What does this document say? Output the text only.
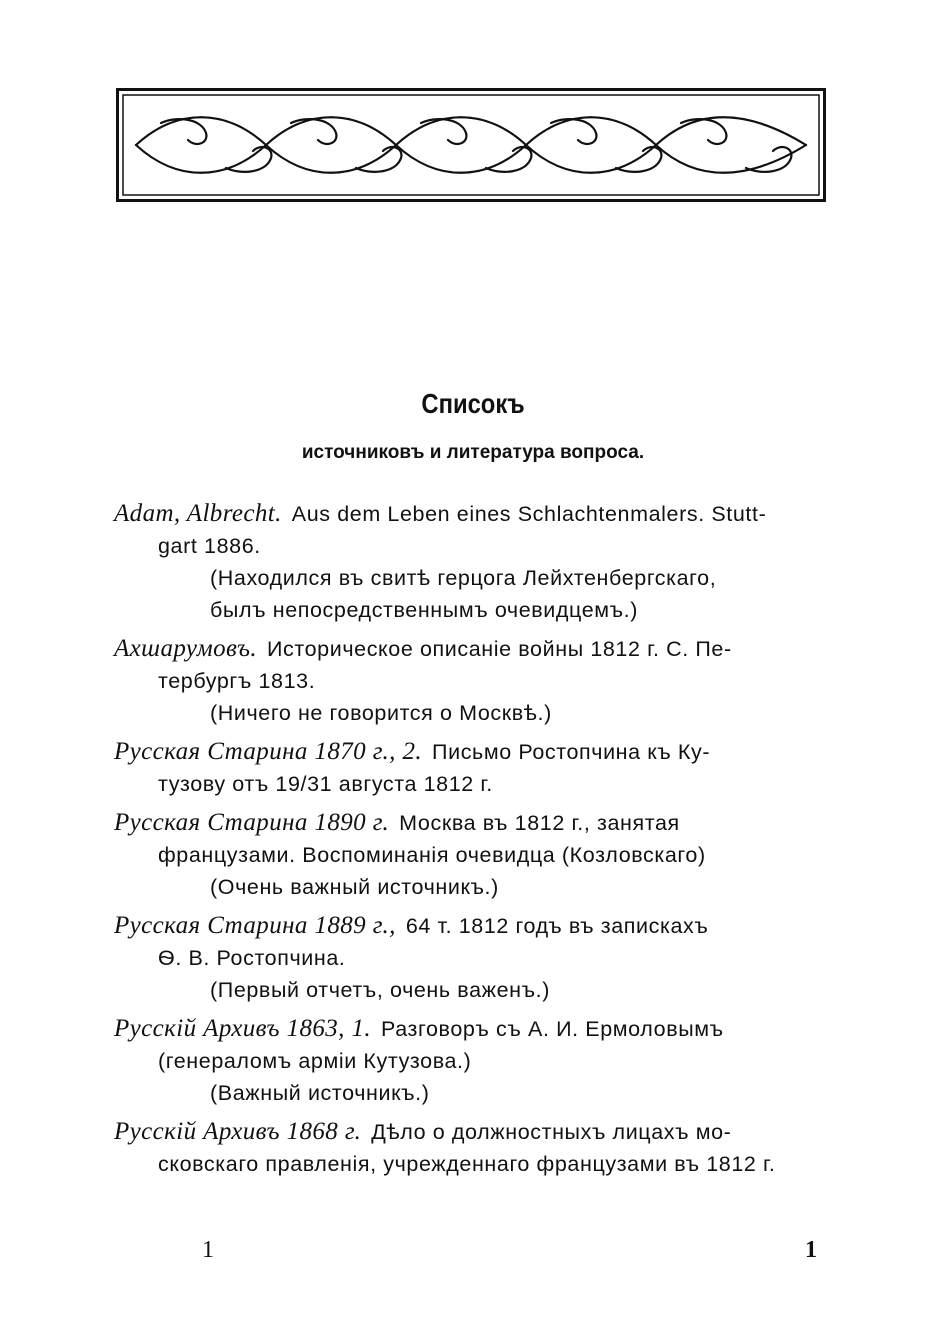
Списокъ
источниковъ и литература вопроса.
Adam, Albrecht. Aus dem Leben eines Schlachtenmalers. Stutt-
gart 1886.
(Находился въ свитѣ герцога Лейхтенбергскаго,
былъ непосредственнымъ очевидцемъ.)
Ахшарумовъ. Историческое описанiе войны 1812 г. С. Пе-
тербургъ 1813.
(Ничего не говорится о Москвѣ.)
Русская Старина 1870 г., 2. Письмо Ростопчина къ Ку-
тузову отъ 19/31 августа 1812 г.
Русская Старина 1890 г. Москва въ 1812 г., занятая
французами. Воспоминанiя очевидца (Козловскаго)
(Очень важный источникъ.)
Русская Старина 1889 г., 64 т. 1812 годъ въ запискахъ
Ѳ. В. Ростопчина.
(Первый отчетъ, очень важенъ.)
Русскiй Архивъ 1863, 1. Разговоръ съ А. И. Ермоловымъ
(генераломъ армiи Кутузова.)
(Важный источникъ.)
Русскiй Архивъ 1868 г. Дѣло о должностныхъ лицахъ мо-
сковскаго правленiя, учрежденнаго французами въ 1812 г.
1	1
